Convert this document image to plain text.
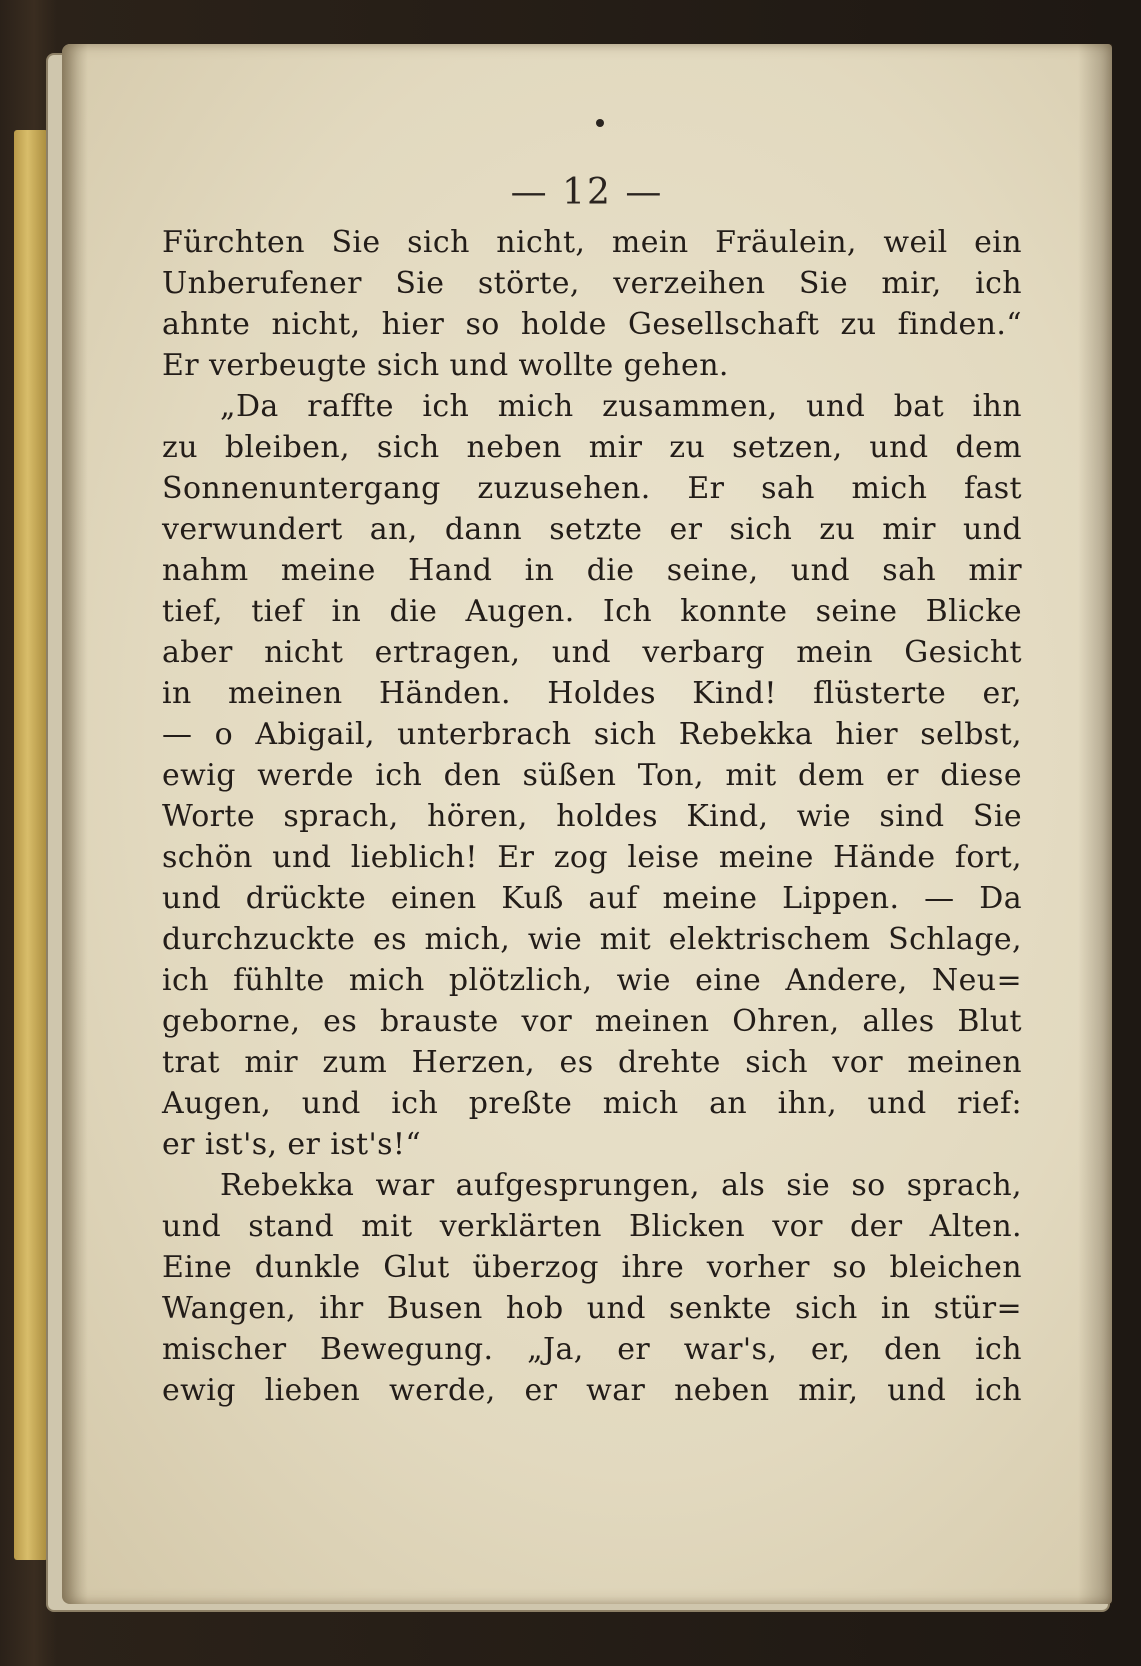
— 12 —
Fürchten Sie sich nicht, mein Fräulein, weil ein
Unberufener Sie störte, verzeihen Sie mir, ich
ahnte nicht, hier so holde Gesellschaft zu finden.“
Er verbeugte sich und wollte gehen.
„Da raffte ich mich zusammen, und bat ihn
zu bleiben, sich neben mir zu setzen, und dem
Sonnenuntergang zuzusehen. Er sah mich fast
verwundert an, dann setzte er sich zu mir und
nahm meine Hand in die seine, und sah mir
tief, tief in die Augen. Ich konnte seine Blicke
aber nicht ertragen, und verbarg mein Gesicht
in meinen Händen. Holdes Kind! flüsterte er,
— o Abigail, unterbrach sich Rebekka hier selbst,
ewig werde ich den süßen Ton, mit dem er diese
Worte sprach, hören, holdes Kind, wie sind Sie
schön und lieblich! Er zog leise meine Hände fort,
und drückte einen Kuß auf meine Lippen. — Da
durchzuckte es mich, wie mit elektrischem Schlage,
ich fühlte mich plötzlich, wie eine Andere, Neu=
geborne, es brauste vor meinen Ohren, alles Blut
trat mir zum Herzen, es drehte sich vor meinen
Augen, und ich preßte mich an ihn, und rief:
er ist's, er ist's!“
Rebekka war aufgesprungen, als sie so sprach,
und stand mit verklärten Blicken vor der Alten.
Eine dunkle Glut überzog ihre vorher so bleichen
Wangen, ihr Busen hob und senkte sich in stür=
mischer Bewegung. „Ja, er war's, er, den ich
ewig lieben werde, er war neben mir, und ich
